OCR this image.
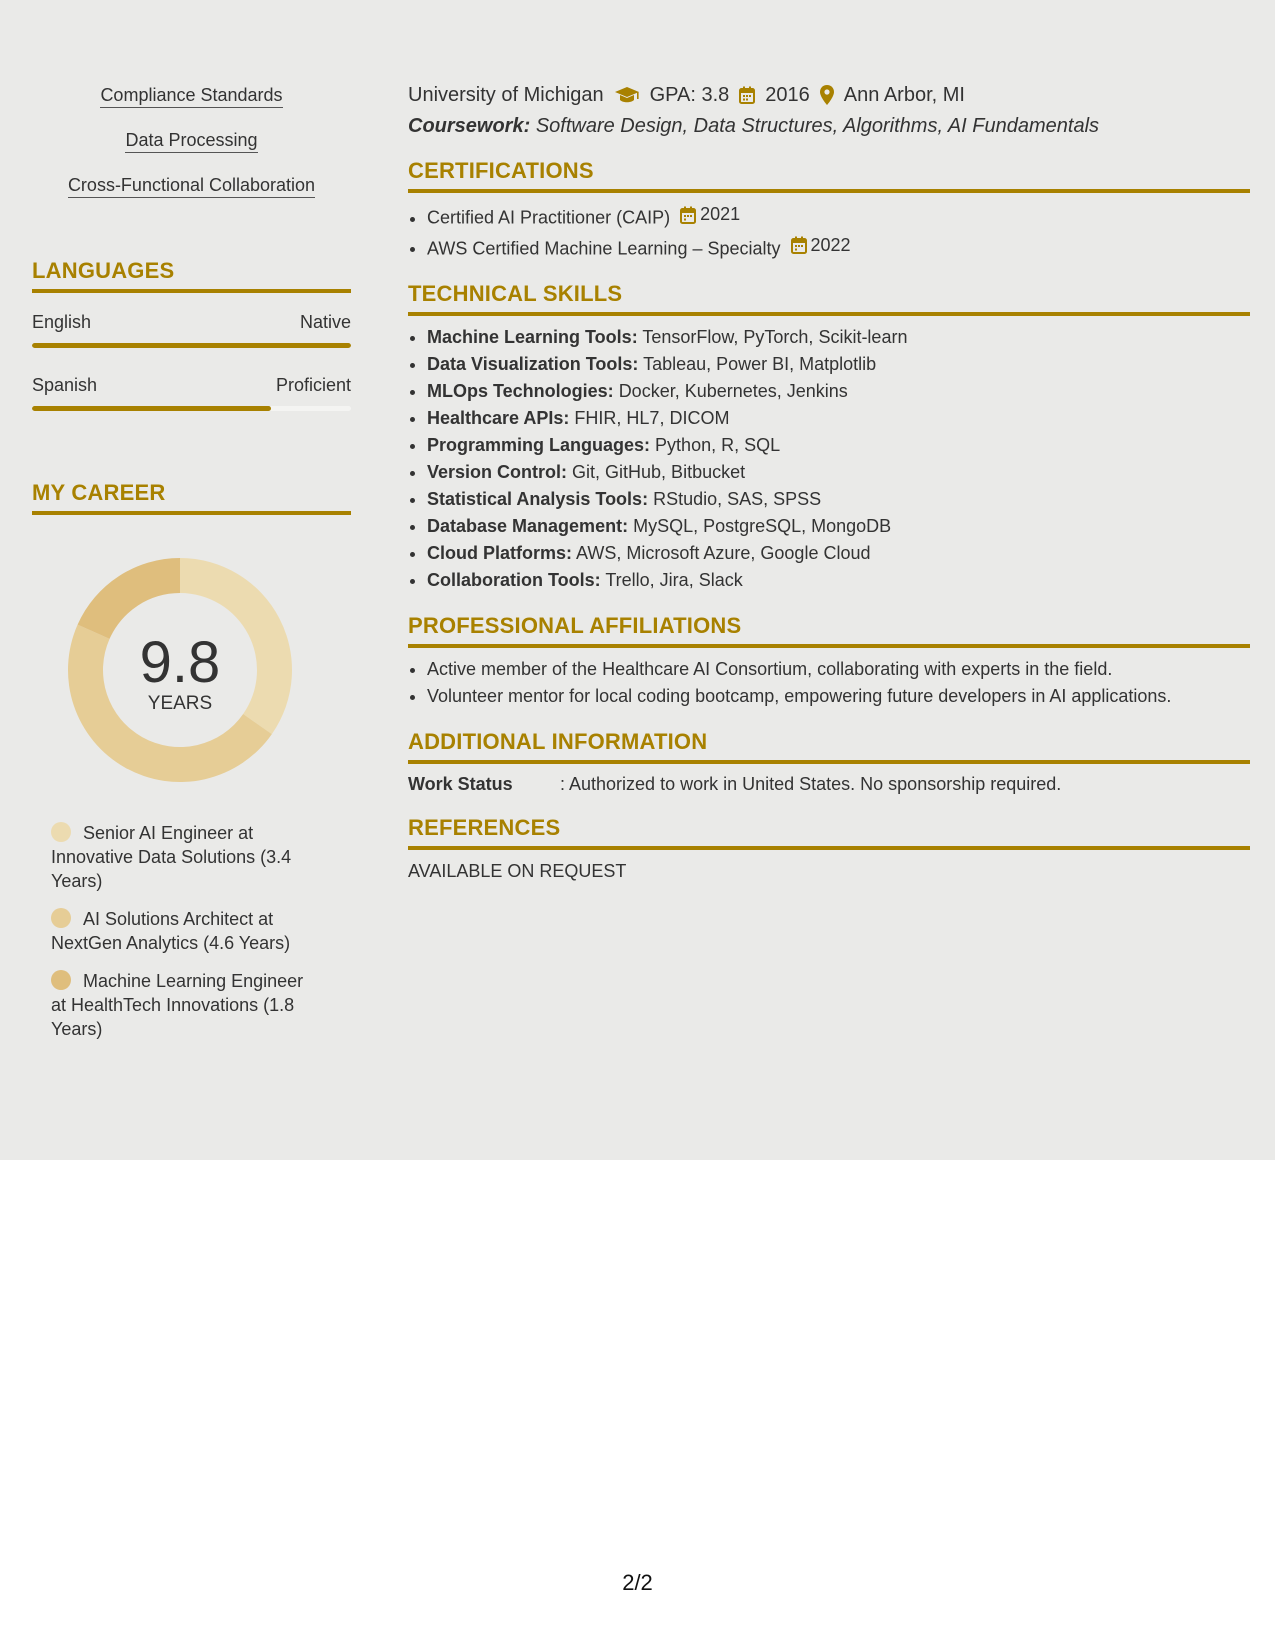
Compliance Standards
Data Processing
Cross-Functional Collaboration
LANGUAGES
English	Native
Spanish	Proficient
MY CAREER
9.8
YEARS
Senior AI Engineer at Innovative Data Solutions (3.4 Years)
AI Solutions Architect at NextGen Analytics (4.6 Years)
Machine Learning Engineer at HealthTech Innovations (1.8 Years)
University of Michigan GPA: 3.8 2016 Ann Arbor, MI
Coursework: Software Design, Data Structures, Algorithms, AI Fundamentals
CERTIFICATIONS
• Certified AI Practitioner (CAIP) 2021
• AWS Certified Machine Learning – Specialty 2022
TECHNICAL SKILLS
• Machine Learning Tools: TensorFlow, PyTorch, Scikit-learn
• Data Visualization Tools: Tableau, Power BI, Matplotlib
• MLOps Technologies: Docker, Kubernetes, Jenkins
• Healthcare APIs: FHIR, HL7, DICOM
• Programming Languages: Python, R, SQL
• Version Control: Git, GitHub, Bitbucket
• Statistical Analysis Tools: RStudio, SAS, SPSS
• Database Management: MySQL, PostgreSQL, MongoDB
• Cloud Platforms: AWS, Microsoft Azure, Google Cloud
• Collaboration Tools: Trello, Jira, Slack
PROFESSIONAL AFFILIATIONS
• Active member of the Healthcare AI Consortium, collaborating with experts in the field.
• Volunteer mentor for local coding bootcamp, empowering future developers in AI applications.
ADDITIONAL INFORMATION
Work Status	: Authorized to work in United States. No sponsorship required.
REFERENCES
AVAILABLE ON REQUEST
2/2
